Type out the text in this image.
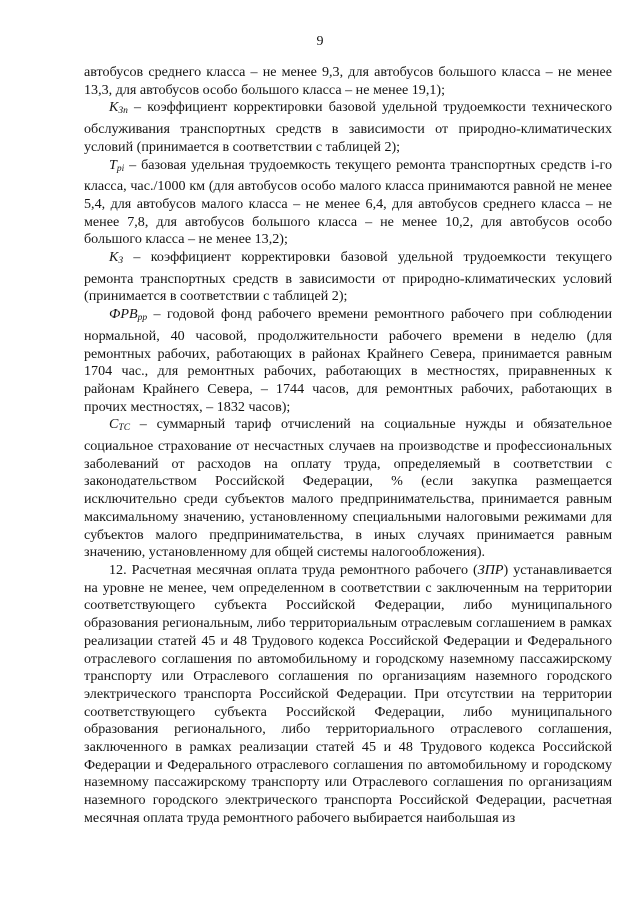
9

автобусов среднего класса – не менее 9,3, для автобусов большого класса – не менее 13,3, для автобусов особо большого класса – не менее 19,1);

$К_{Зп}$ – коэффициент корректировки базовой удельной трудоемкости технического обслуживания транспортных средств в зависимости от природно-климатических условий (принимается в соответствии с таблицей 2);

$Т_{pi}$ – базовая удельная трудоемкость текущего ремонта транспортных средств i-го класса, час./1000 км (для автобусов особо малого класса принимаются равной не менее 5,4, для автобусов малого класса – не менее 6,4, для автобусов среднего класса – не менее 7,8, для автобусов большого класса – не менее 10,2, для автобусов особо большого класса – не менее 13,2);

$К_З$ – коэффициент корректировки базовой удельной трудоемкости текущего ремонта транспортных средств в зависимости от природно-климатических условий (принимается в соответствии с таблицей 2);

$ФРВ_{рр}$ – годовой фонд рабочего времени ремонтного рабочего при соблюдении нормальной, 40 часовой, продолжительности рабочего времени в неделю (для ремонтных рабочих, работающих в районах Крайнего Севера, принимается равным 1704 час., для ремонтных рабочих, работающих в местностях, приравненных к районам Крайнего Севера, – 1744 часов, для ремонтных рабочих, работающих в прочих местностях, – 1832 часов);

$С_{ТС}$ – суммарный тариф отчислений на социальные нужды и обязательное социальное страхование от несчастных случаев на производстве и профессиональных заболеваний от расходов на оплату труда, определяемый в соответствии с законодательством Российской Федерации, % (если закупка размещается исключительно среди субъектов малого предпринимательства, принимается равным максимальному значению, установленному специальными налоговыми режимами для субъектов малого предпринимательства, в иных случаях принимается равным значению, установленному для общей системы налогообложения).

12. Расчетная месячная оплата труда ремонтного рабочего (ЗПР) устанавливается на уровне не менее, чем определенном в соответствии с заключенным на территории соответствующего субъекта Российской Федерации, либо муниципального образования региональным, либо территориальным отраслевым соглашением в рамках реализации статей 45 и 48 Трудового кодекса Российской Федерации и Федерального отраслевого соглашения по автомобильному и городскому наземному пассажирскому транспорту или Отраслевого соглашения по организациям наземного городского электрического транспорта Российской Федерации. При отсутствии на территории соответствующего субъекта Российской Федерации, либо муниципального образования регионального, либо территориального отраслевого соглашения, заключенного в рамках реализации статей 45 и 48 Трудового кодекса Российской Федерации и Федерального отраслевого соглашения по автомобильному и городскому наземному пассажирскому транспорту или Отраслевого соглашения по организациям наземного городского электрического транспорта Российской Федерации, расчетная месячная оплата труда ремонтного рабочего выбирается наибольшая из
